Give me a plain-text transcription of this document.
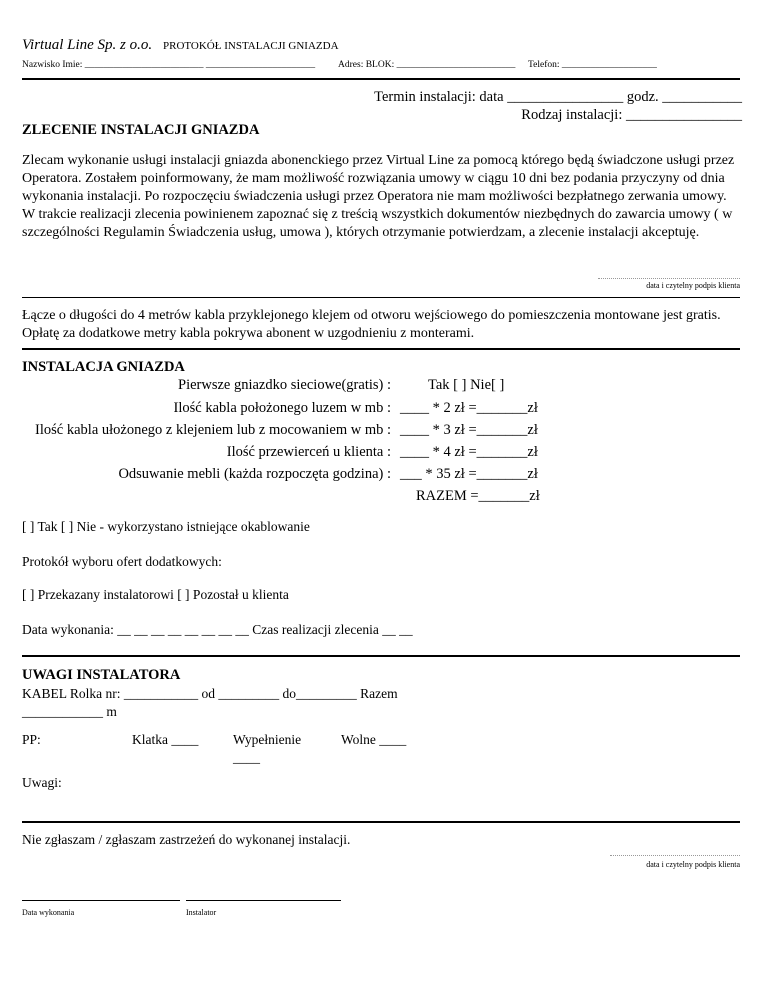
Virtual Line Sp. z o.o. PROTOKÓŁ INSTALACJI GNIAZDA
Nazwisko Imie: _________________________ _______________________ Adres: BLOK: _________________________ Telefon: ____________________
Termin instalacji: data ________________ godz. ___________
Rodzaj instalacji: ________________
ZLECENIE INSTALACJI GNIAZDA
Zlecam wykonanie usługi instalacji gniazda abonenckiego przez Virtual Line za pomocą którego będą świadczone usługi przez Operatora. Zostałem poinformowany, że mam możliwość rozwiązania umowy w ciągu 10 dni bez podania przyczyny od dnia wykonania instalacji. Po rozpoczęciu świadczenia usługi przez Operatora nie mam możliwości bezpłatnego zerwania umowy. W trakcie realizacji zlecenia powinienem zapoznać się z treścią wszystkich dokumentów niezbędnych do zawarcia umowy ( w szczególności Regulamin Świadczenia usług, umowa ), których otrzymanie potwierdzam, a zlecenie instalacji akceptuję.
data i czytelny podpis klienta
Łącze o długości do 4 metrów kabla przyklejonego klejem od otworu wejściowego do pomieszczenia montowane jest gratis.
Opłatę za dodatkowe metry kabla pokrywa abonent w uzgodnieniu z monterami.
INSTALACJA GNIAZDA
Pierwsze gniazdko sieciowe(gratis) :	Tak [ ] Nie[ ]
Ilość kabla położonego luzem w mb : ____ * 2 zł =_______zł
Ilość kabla ułożonego z klejeniem lub z mocowaniem w mb : ____ * 3 zł =_______zł
Ilość przewierceń u klienta : ____ * 4 zł =_______zł
Odsuwanie mebli (każda rozpoczęta godzina) : ___ * 35 zł =_______zł
RAZEM =_______zł
[ ] Tak [ ] Nie - wykorzystano istniejące okablowanie
Protokół wyboru ofert dodatkowych:
[ ] Przekazany instalatorowi [ ] Pozostał u klienta
Data wykonania: __ __ __ __ __ __ __ __ Czas realizacji zlecenia __ __
UWAGI INSTALATORA
KABEL Rolka nr: ___________ od _________ do_________ Razem
____________ m
PP:	Klatka ____	Wypełnienie
____
Wolne ____
Uwagi:
Nie zgłaszam / zgłaszam zastrzeżeń do wykonanej instalacji.
data i czytelny podpis klienta
Data wykonania	Instalator
